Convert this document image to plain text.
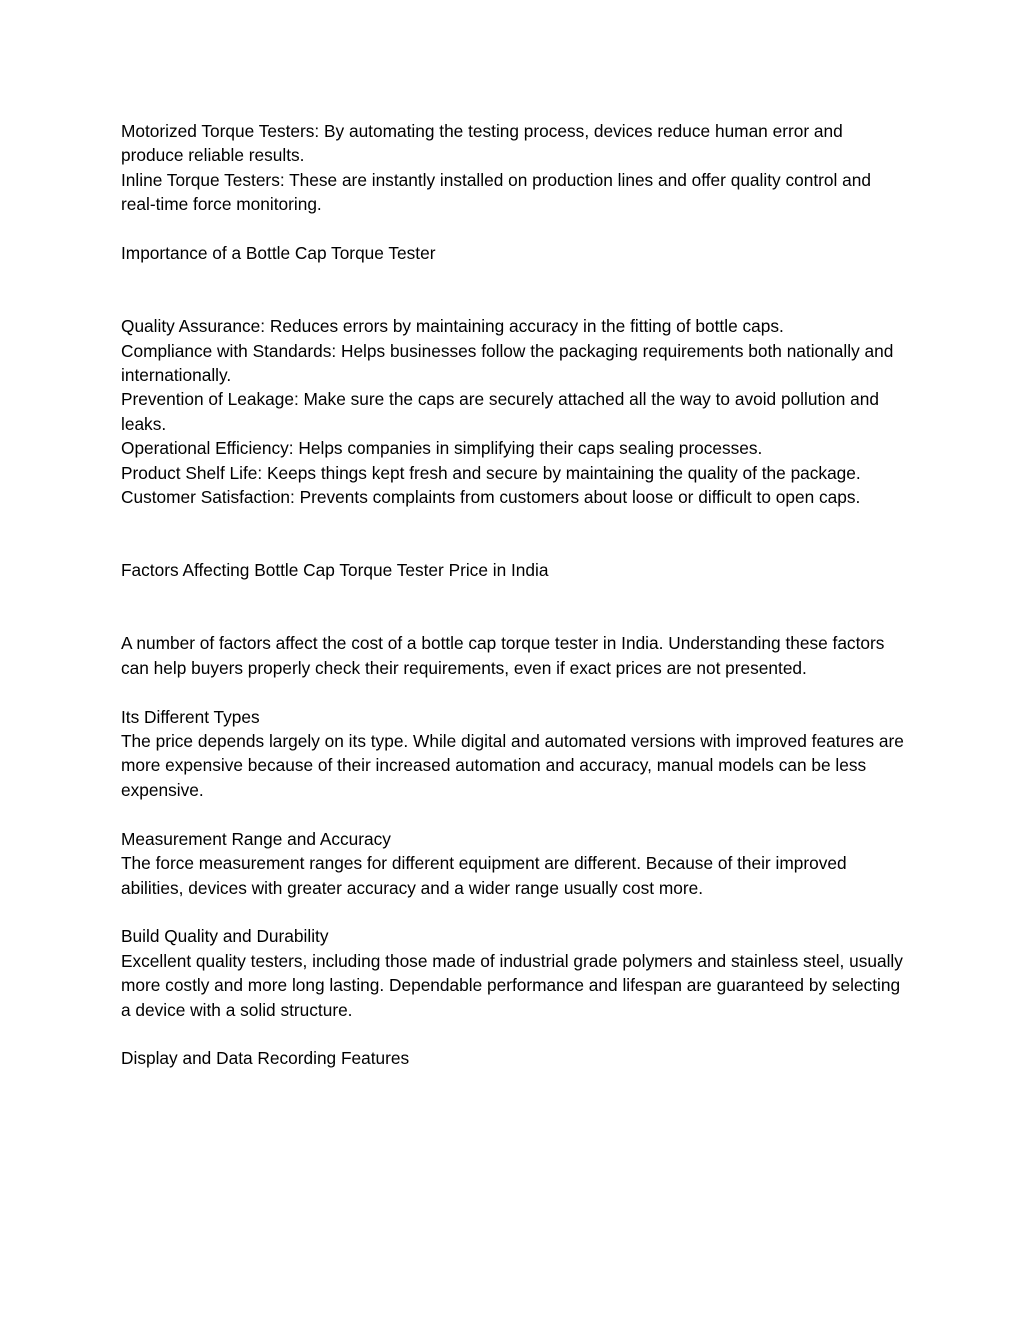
Motorized Torque Testers: By automating the testing process, devices reduce human error and produce reliable results.

Inline Torque Testers: These are instantly installed on production lines and offer quality control and real-time force monitoring.

Importance of a Bottle Cap Torque Tester

Quality Assurance: Reduces errors by maintaining accuracy in the fitting of bottle caps.

Compliance with Standards: Helps businesses follow the packaging requirements both nationally and internationally.

Prevention of Leakage: Make sure the caps are securely attached all the way to avoid pollution and leaks.

Operational Efficiency: Helps companies in simplifying their caps sealing processes.

Product Shelf Life: Keeps things kept fresh and secure by maintaining the quality of the package.

Customer Satisfaction: Prevents complaints from customers about loose or difficult to open caps.

Factors Affecting Bottle Cap Torque Tester Price in India

A number of factors affect the cost of a bottle cap torque tester in India. Understanding these factors can help buyers properly check their requirements, even if exact prices are not presented.

Its Different Types

The price depends largely on its type. While digital and automated versions with improved features are more expensive because of their increased automation and accuracy, manual models can be less expensive.

Measurement Range and Accuracy

The force measurement ranges for different equipment are different. Because of their improved abilities, devices with greater accuracy and a wider range usually cost more.

Build Quality and Durability

Excellent quality testers, including those made of industrial grade polymers and stainless steel, usually more costly and more long lasting. Dependable performance and lifespan are guaranteed by selecting a device with a solid structure.

Display and Data Recording Features
